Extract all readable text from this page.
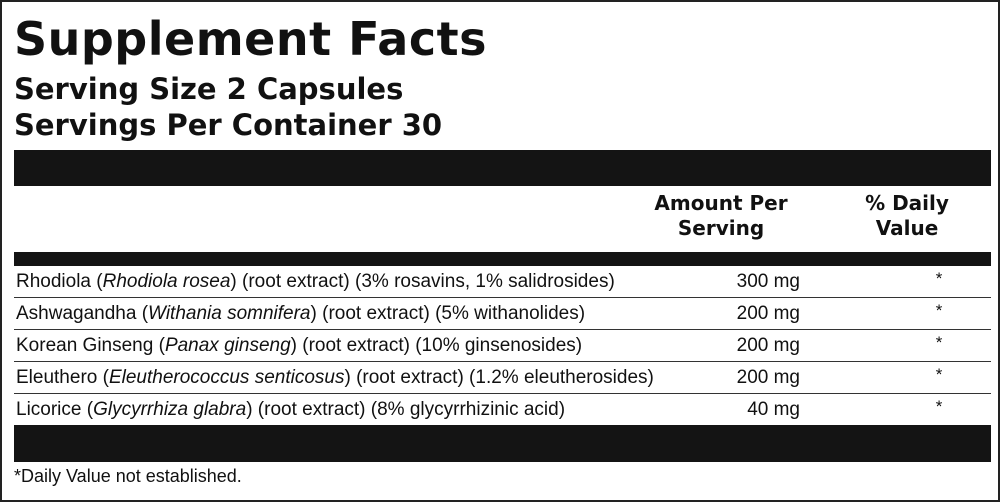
Supplement Facts
Serving Size 2 Capsules
Servings Per Container 30
Amount Per
Serving
% Daily
Value
Rhodiola (Rhodiola rosea) (root extract) (3% rosavins, 1% salidrosides)	300 mg	*
Ashwagandha (Withania somnifera) (root extract) (5% withanolides)	200 mg	*
Korean Ginseng (Panax ginseng) (root extract) (10% ginsenosides)	200 mg	*
Eleuthero (Eleutherococcus senticosus) (root extract) (1.2% eleutherosides)	200 mg	*
Licorice (Glycyrrhiza glabra) (root extract) (8% glycyrrhizinic acid)	40 mg	*
*Daily Value not established.
